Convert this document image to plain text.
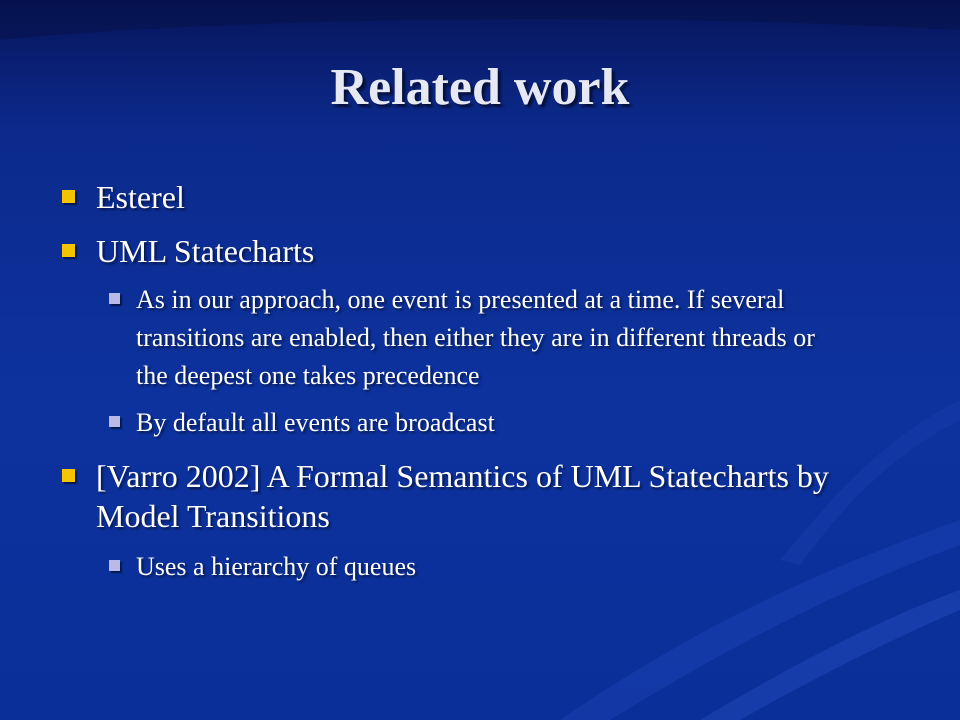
Related work
Esterel
UML Statecharts
As in our approach, one event is presented at a time. If several transitions are enabled, then either they are in different threads or the deepest one takes precedence
By default all events are broadcast
[Varro 2002] A Formal Semantics of UML Statecharts by Model Transitions
Uses a hierarchy of queues
